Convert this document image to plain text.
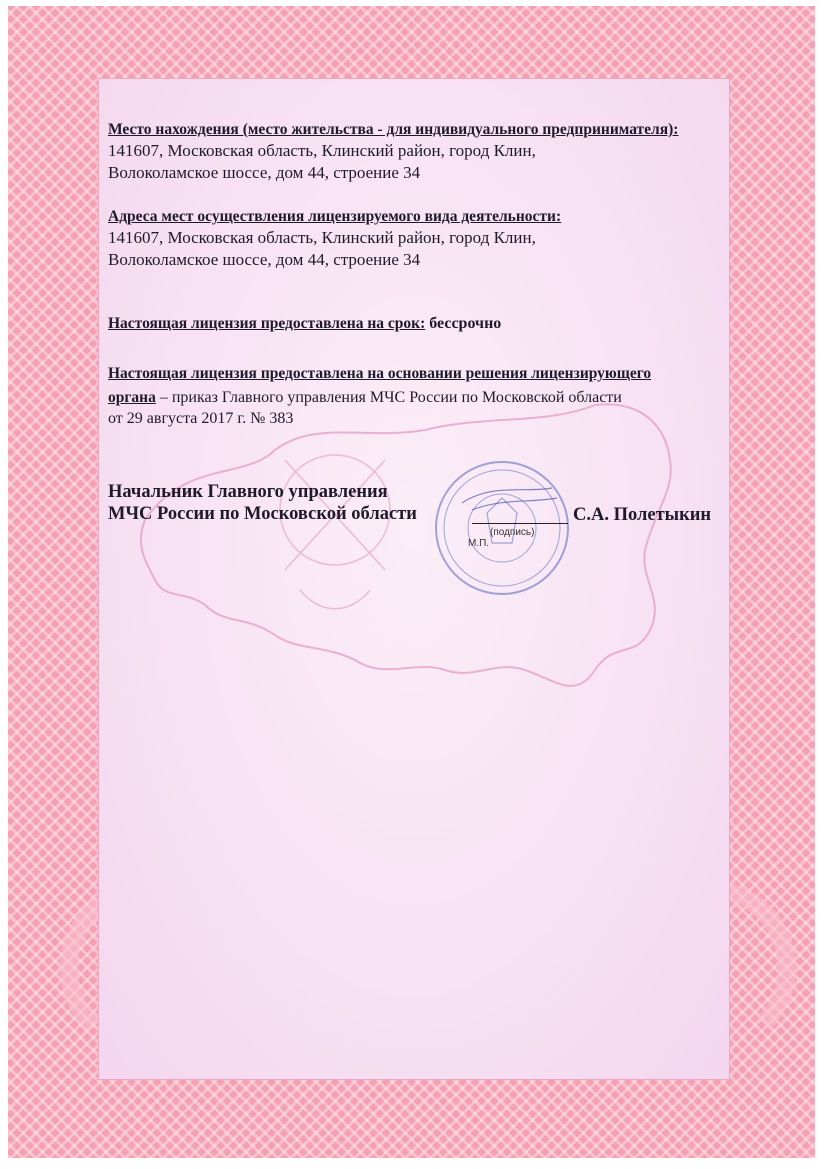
Место нахождения (место жительства - для индивидуального предпринимателя):
141607, Московская область, Клинский район, город Клин,
Волоколамское шоссе, дом 44, строение 34
Адреса мест осуществления лицензируемого вида деятельности:
141607, Московская область, Клинский район, город Клин,
Волоколамское шоссе, дом 44, строение 34
Настоящая лицензия предоставлена на срок: бессрочно
Настоящая лицензия предоставлена на основании решения лицензирующего
органа – приказ Главного управления МЧС России по Московской области
от 29 августа 2017 г. № 383
Начальник Главного управления
МЧС России по Московской области
(подпись)
М.П.
С.А. Полетыкин
